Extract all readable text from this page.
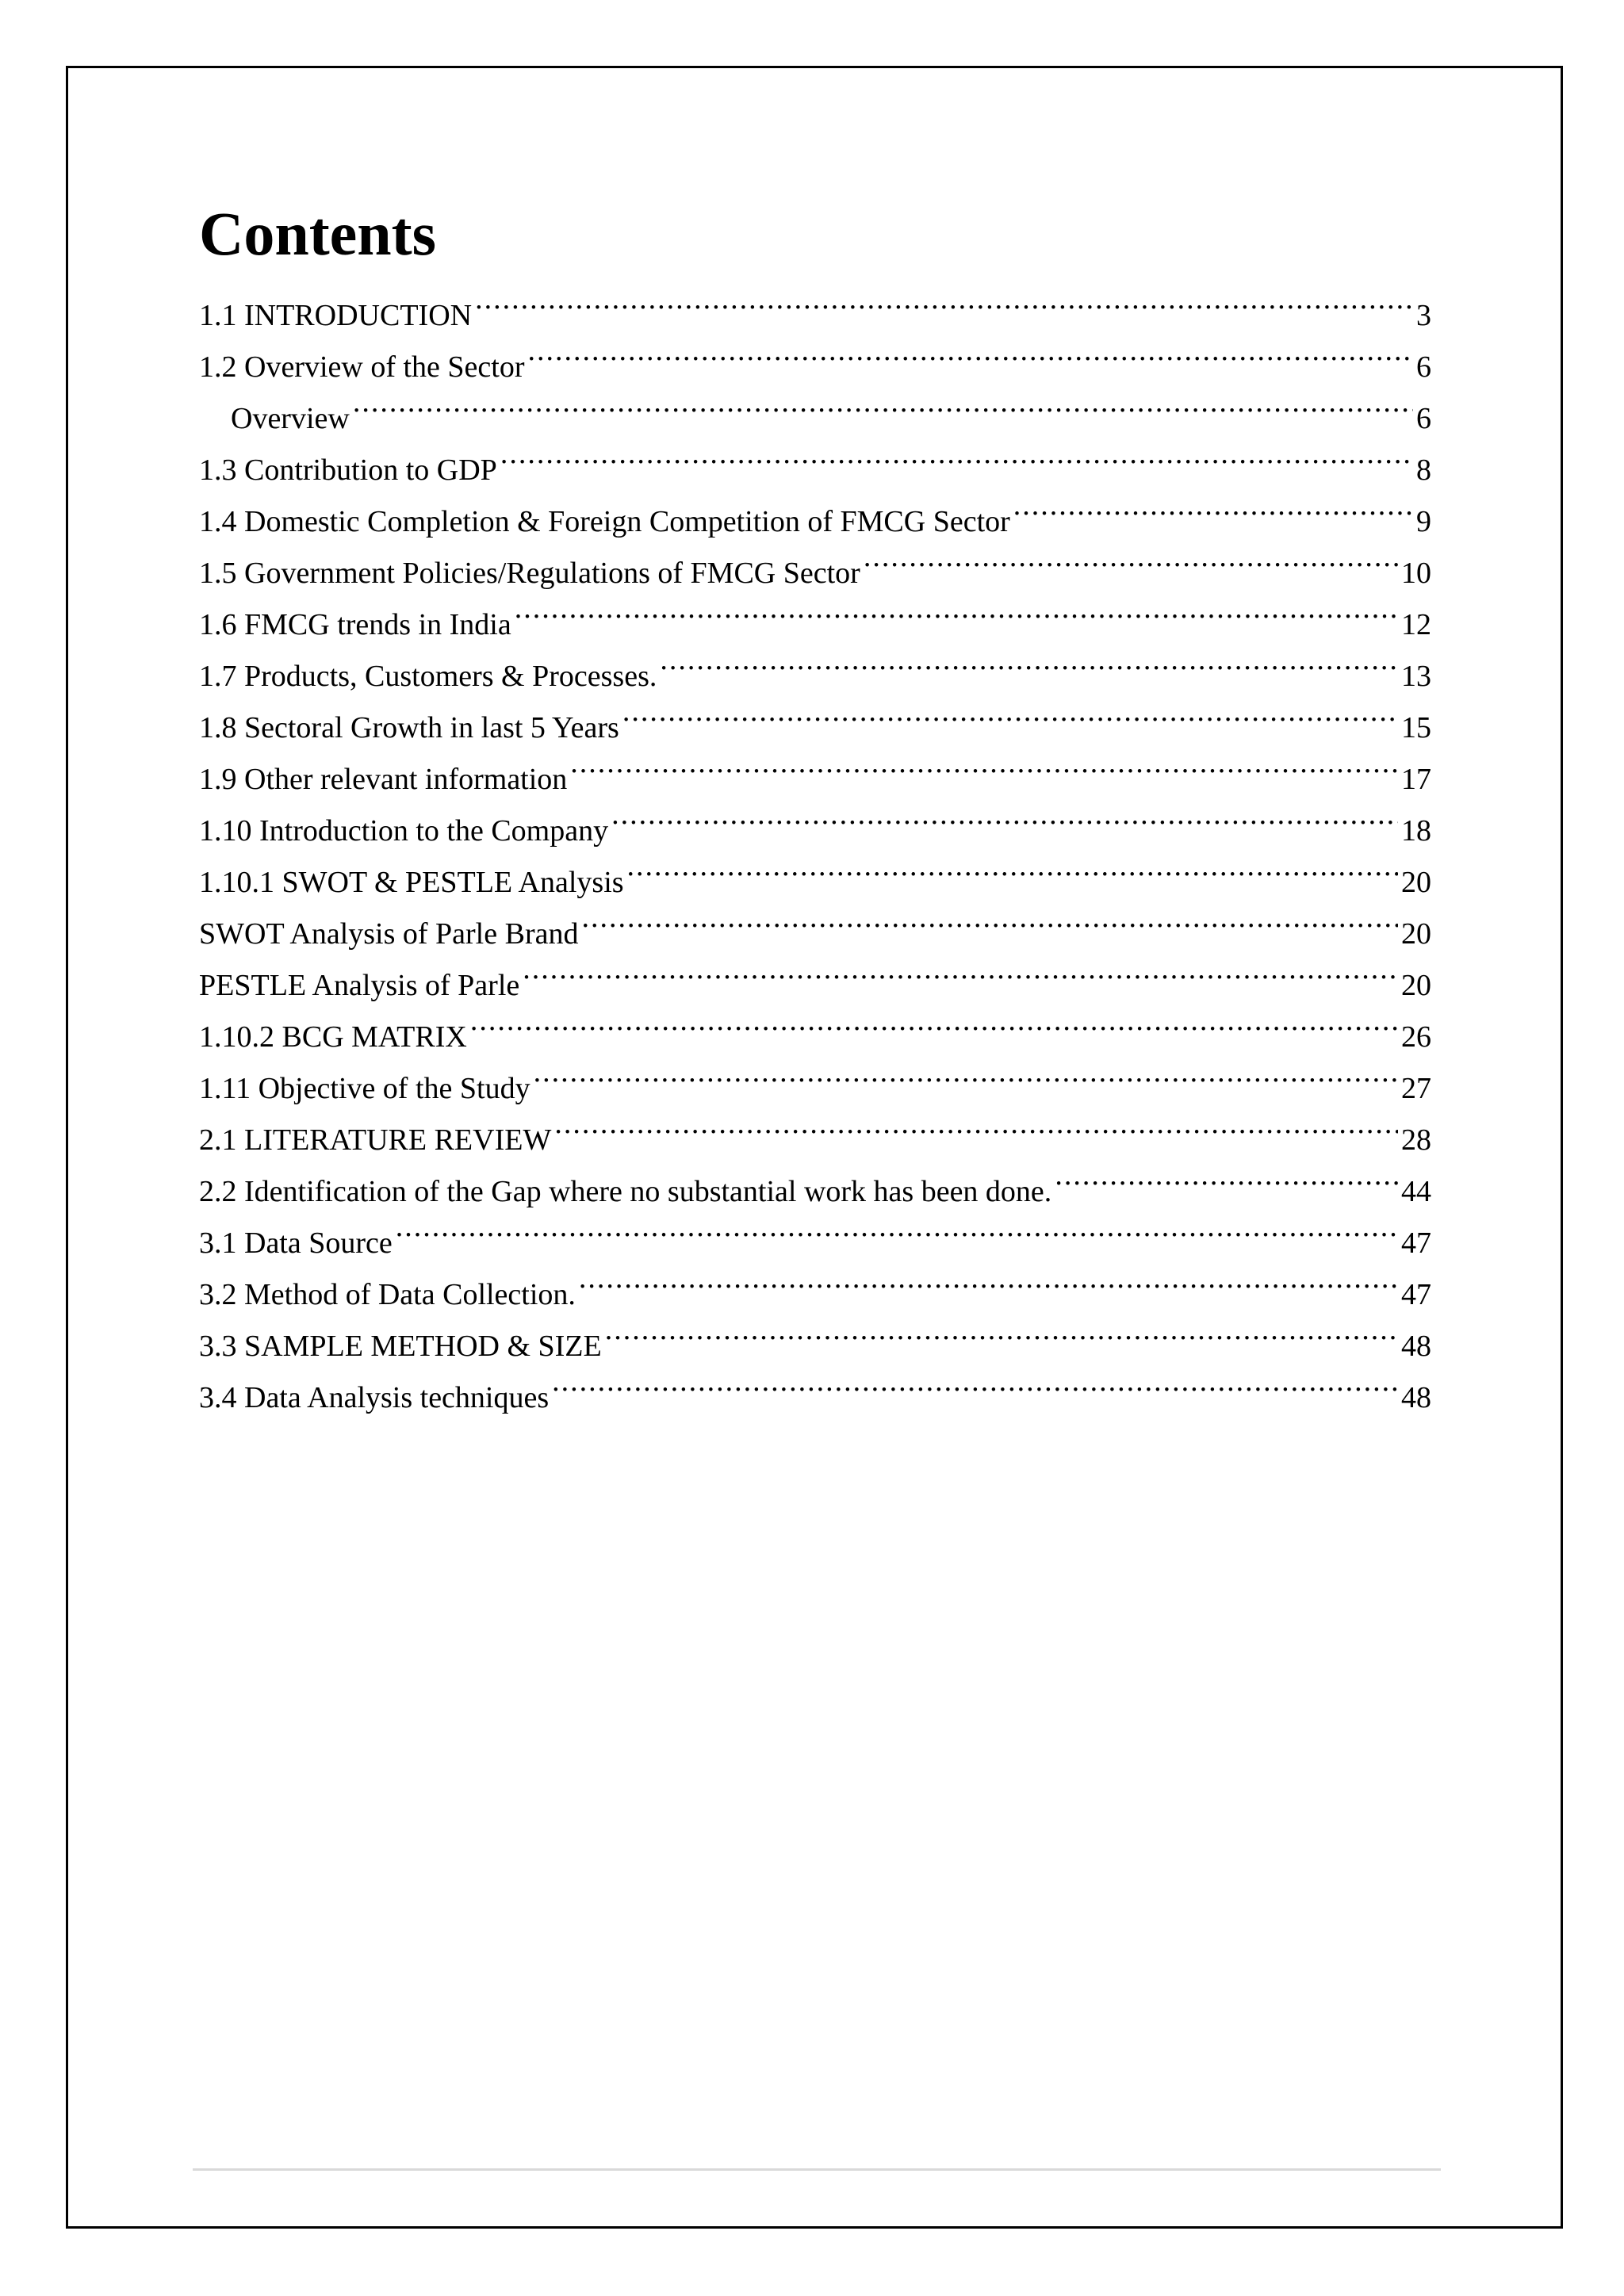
Contents
1.1 INTRODUCTION .....	3
1.2 Overview of the Sector .....	6
Overview .....	6
1.3 Contribution to GDP .....	8
1.4 Domestic Completion & Foreign Competition of FMCG Sector .....	9
1.5 Government Policies/Regulations of FMCG Sector .....	10
1.6 FMCG trends in India .....	12
1.7 Products, Customers & Processes. .....	13
1.8 Sectoral Growth in last 5 Years .....	15
1.9 Other relevant information .....	17
1.10 Introduction to the Company .....	18
1.10.1 SWOT & PESTLE Analysis .....	20
SWOT Analysis of Parle Brand .....	20
PESTLE Analysis of Parle .....	20
1.10.2 BCG MATRIX .....	26
1.11 Objective of the Study .....	27
2.1 LITERATURE REVIEW .....	28
2.2 Identification of the Gap where no substantial work has been done. .....	44
3.1 Data Source .....	47
3.2 Method of Data Collection. .....	47
3.3 SAMPLE METHOD & SIZE .....	48
3.4 Data Analysis techniques .....	48
